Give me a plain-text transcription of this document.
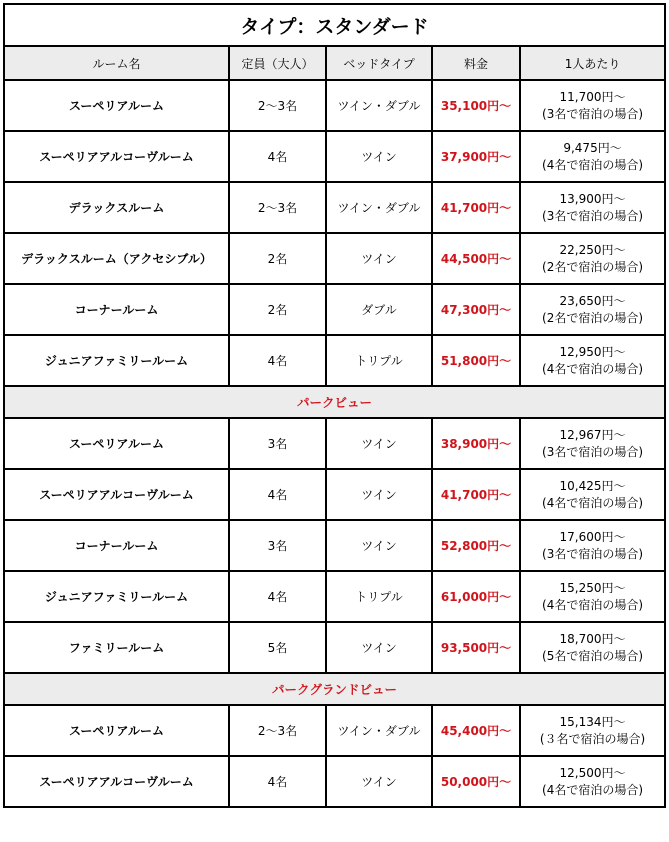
タイプ：スタンダード				
ルーム名	定員（大人）	ベッドタイプ	料金	1人あたり
スーペリアルーム	2～3名	ツイン・ダブル	35,100円～	11,700円～
(3名で宿泊の場合)

スーペリアアルコーヴルーム	4名	ツイン	37,900円～	9,475円～
(4名で宿泊の場合)

デラックスルーム	2～3名	ツイン・ダブル	41,700円～	13,900円～
(3名で宿泊の場合)

デラックスルーム（アクセシブル）	2名	ツイン	44,500円～	22,250円～
(2名で宿泊の場合)

コーナールーム	2名	ダブル	47,300円～	23,650円～
(2名で宿泊の場合)

ジュニアファミリールーム	4名	トリプル	51,800円～	12,950円～
(4名で宿泊の場合)

パークビュー				
スーペリアルーム	3名	ツイン	38,900円～	12,967円～
(3名で宿泊の場合)

スーペリアアルコーヴルーム	4名	ツイン	41,700円～	10,425円～
(4名で宿泊の場合)

コーナールーム	3名	ツイン	52,800円～	17,600円～
(3名で宿泊の場合)

ジュニアファミリールーム	4名	トリプル	61,000円～	15,250円～
(4名で宿泊の場合)

ファミリールーム	5名	ツイン	93,500円～	18,700円～
(5名で宿泊の場合)

パークグランドビュー				
スーペリアルーム	2～3名	ツイン・ダブル	45,400円～	15,134円～
(３名で宿泊の場合)

スーペリアアルコーヴルーム	4名	ツイン	50,000円～	12,500円～
(4名で宿泊の場合)
